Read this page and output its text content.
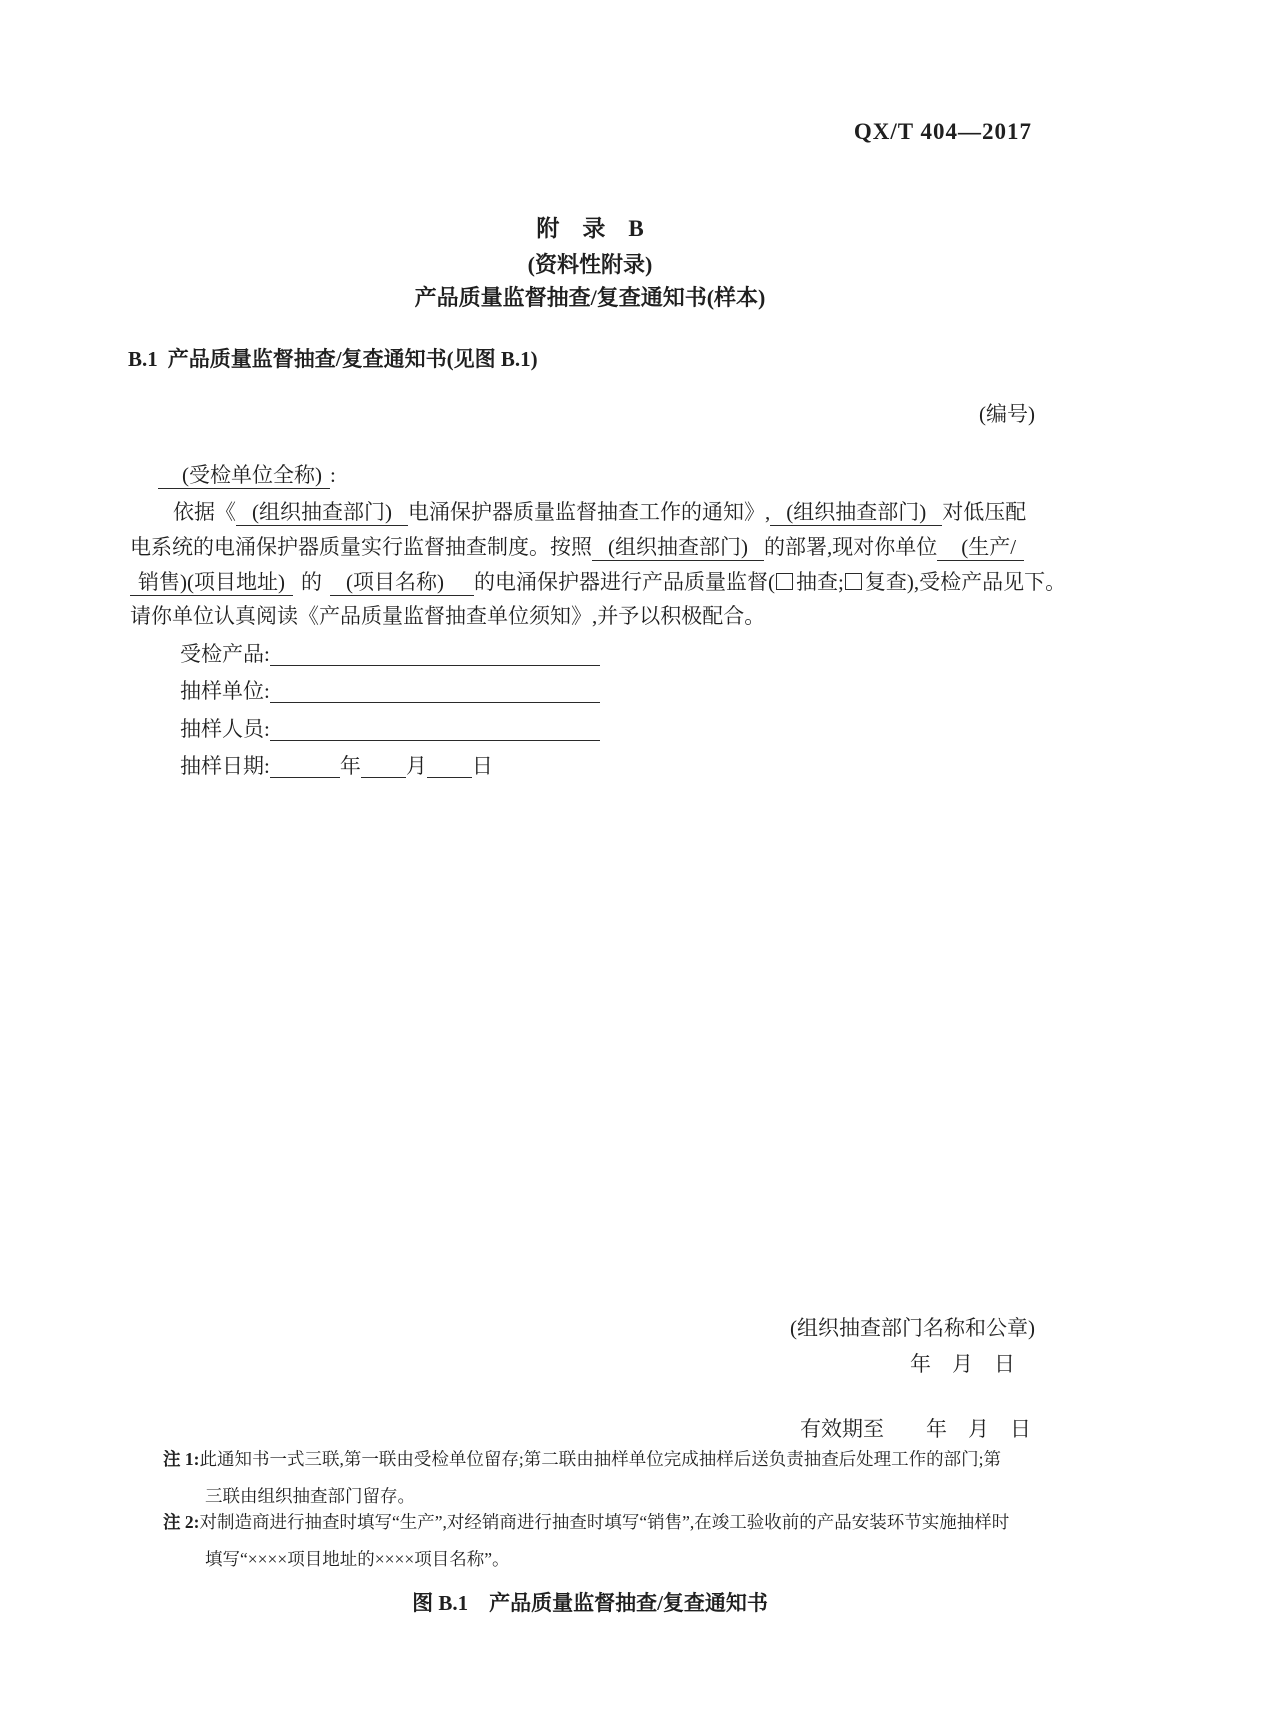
QX/T 404—2017
附　录　B
(资料性附录)
产品质量监督抽查/复查通知书(样本)
B.1 产品质量监督抽查/复查通知书(见图 B.1)
(编号)
(受检单位全称) :
依据《 (组织抽查部门) 电涌保护器质量监督抽查工作的通知》, (组织抽查部门) 对低压配
电系统的电涌保护器质量实行监督抽查制度。按照 (组织抽查部门) 的部署,现对你单位 (生产/
销售)(项目地址) 的 (项目名称) 的电涌保护器进行产品质量监督( 抽查; 复查),受检产品见下。
请你单位认真阅读《产品质量监督抽查单位须知》,并予以积极配合。
受检产品:
抽样单位:
抽样人员:
抽样日期:	年 月 日
(组织抽查部门名称和公章)
年　月　日
有效期至 年　月　日
注 1:此通知书一式三联,第一联由受检单位留存;第二联由抽样单位完成抽样后送负责抽查后处理工作的部门;第
三联由组织抽查部门留存。
注 2:对制造商进行抽查时填写“生产”,对经销商进行抽查时填写“销售”,在竣工验收前的产品安装环节实施抽样时
填写“××××项目地址的××××项目名称”。
图 B.1　产品质量监督抽查/复查通知书
